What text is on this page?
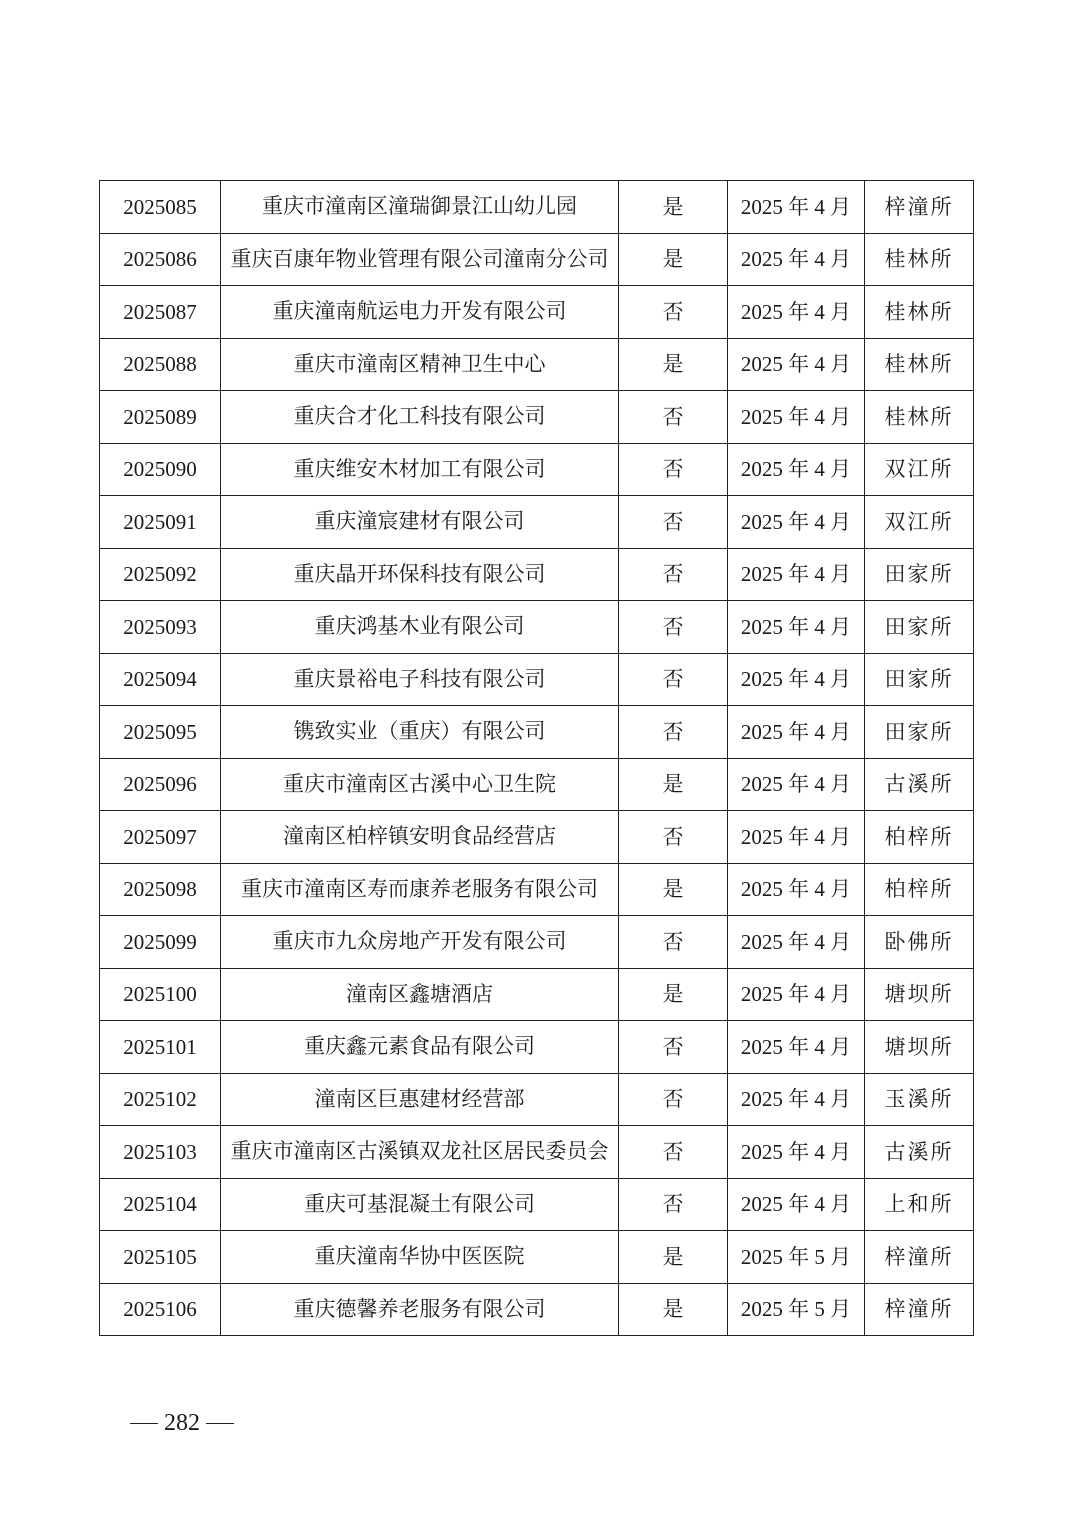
2025085	重庆市潼南区潼瑞御景江山幼儿园	是	2025 年 4 月	梓潼所
2025086	重庆百康年物业管理有限公司潼南分公司	是	2025 年 4 月	桂林所
2025087	重庆潼南航运电力开发有限公司	否	2025 年 4 月	桂林所
2025088	重庆市潼南区精神卫生中心	是	2025 年 4 月	桂林所
2025089	重庆合才化工科技有限公司	否	2025 年 4 月	桂林所
2025090	重庆维安木材加工有限公司	否	2025 年 4 月	双江所
2025091	重庆潼宸建材有限公司	否	2025 年 4 月	双江所
2025092	重庆晶开环保科技有限公司	否	2025 年 4 月	田家所
2025093	重庆鸿基木业有限公司	否	2025 年 4 月	田家所
2025094	重庆景裕电子科技有限公司	否	2025 年 4 月	田家所
2025095	镌致实业（重庆）有限公司	否	2025 年 4 月	田家所
2025096	重庆市潼南区古溪中心卫生院	是	2025 年 4 月	古溪所
2025097	潼南区柏梓镇安明食品经营店	否	2025 年 4 月	柏梓所
2025098	重庆市潼南区寿而康养老服务有限公司	是	2025 年 4 月	柏梓所
2025099	重庆市九众房地产开发有限公司	否	2025 年 4 月	卧佛所
2025100	潼南区鑫塘酒店	是	2025 年 4 月	塘坝所
2025101	重庆鑫元素食品有限公司	否	2025 年 4 月	塘坝所
2025102	潼南区巨惠建材经营部	否	2025 年 4 月	玉溪所
2025103	重庆市潼南区古溪镇双龙社区居民委员会	否	2025 年 4 月	古溪所
2025104	重庆可基混凝土有限公司	否	2025 年 4 月	上和所
2025105	重庆潼南华协中医医院	是	2025 年 5 月	梓潼所
2025106	重庆德馨养老服务有限公司	是	2025 年 5 月	梓潼所
282
